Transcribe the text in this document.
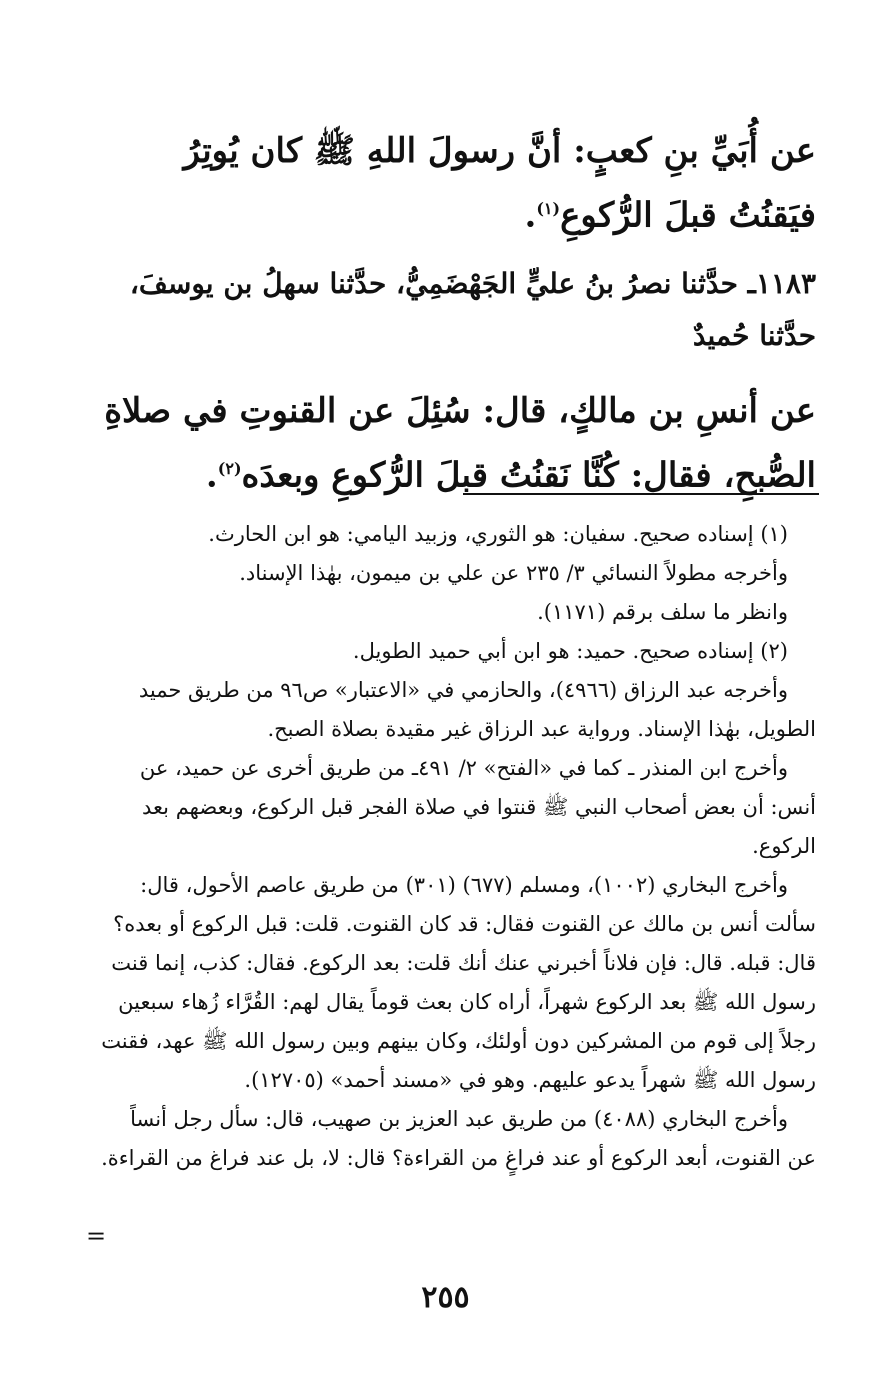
عن أُبَيِّ بنِ كعبٍ: أنَّ رسولَ اللهِ ﷺ كان يُوتِرُ فيَقنُتُ قبلَ الرُّكوعِ$^{(١)}$.

١١٨٣ـ حدَّثنا نصرُ بنُ عليٍّ الجَهْضَمِيُّ، حدَّثنا سهلُ بن يوسفَ، حدَّثنا حُميدٌ

عن أنسِ بن مالكٍ، قال: سُئِلَ عن القنوتِ في صلاةِ الصُّبحِ، فقال: كُنَّا نَقنُتُ قبلَ الرُّكوعِ وبعدَه$^{(٢)}$.

(١) إسناده صحيح. سفيان: هو الثوري، وزبيد اليامي: هو ابن الحارث.

وأخرجه مطولاً النسائي ٣/ ٢٣٥ عن علي بن ميمون، بهٰذا الإسناد.

وانظر ما سلف برقم (١١٧١).

(٢) إسناده صحيح. حميد: هو ابن أبي حميد الطويل.

وأخرجه عبد الرزاق (٤٩٦٦)، والحازمي في «الاعتبار» ص٩٦ من طريق حميد الطويل، بهٰذا الإسناد. ورواية عبد الرزاق غير مقيدة بصلاة الصبح.

وأخرج ابن المنذر ـ كما في «الفتح» ٢/ ٤٩١ـ من طريق أخرى عن حميد، عن أنس: أن بعض أصحاب النبي ﷺ قنتوا في صلاة الفجر قبل الركوع، وبعضهم بعد الركوع.

وأخرج البخاري (١٠٠٢)، ومسلم (٦٧٧) (٣٠١) من طريق عاصم الأحول، قال: سألت أنس بن مالك عن القنوت فقال: قد كان القنوت. قلت: قبل الركوع أو بعده؟ قال: قبله. قال: فإن فلاناً أخبرني عنك أنك قلت: بعد الركوع. فقال: كذب، إنما قنت رسول الله ﷺ بعد الركوع شهراً، أراه كان بعث قوماً يقال لهم: القُرَّاء زُهاء سبعين رجلاً إلى قوم من المشركين دون أولئك، وكان بينهم وبين رسول الله ﷺ عهد، فقنت رسول الله ﷺ شهراً يدعو عليهم. وهو في «مسند أحمد» (١٢٧٠٥).

وأخرج البخاري (٤٠٨٨) من طريق عبد العزيز بن صهيب، قال: سأل رجل أنساً عن القنوت، أبعد الركوع أو عند فراغٍ من القراءة؟ قال: لا، بل عند فراغ من القراءة.

=
٢٥٥
